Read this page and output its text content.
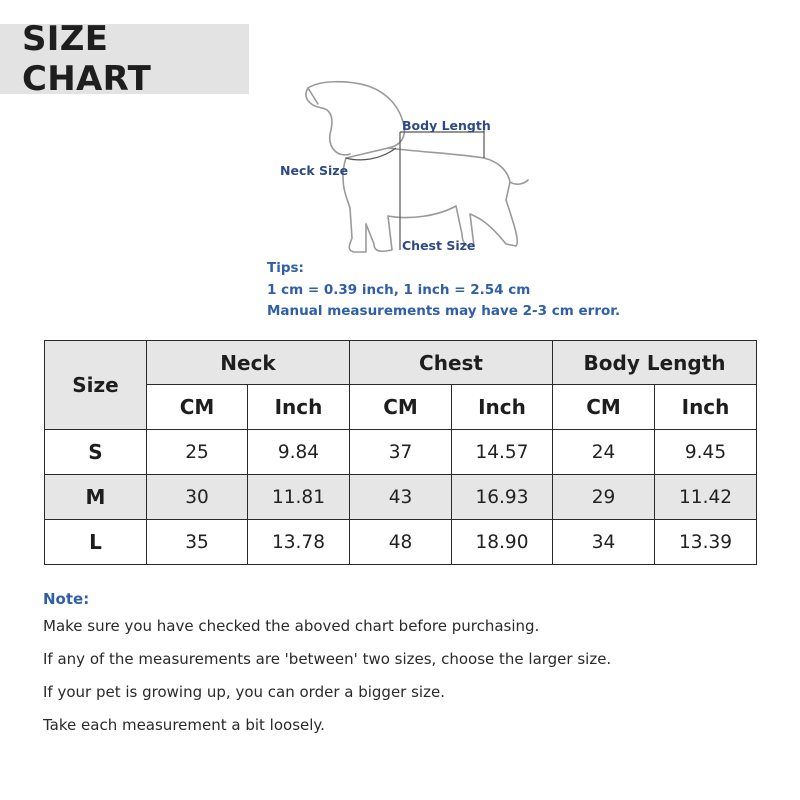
SIZE CHART
Body Length
Neck Size
Chest Size
Tips:
1 cm = 0.39 inch, 1 inch = 2.54 cm
Manual measurements may have 2-3 cm error.
Size	Neck		Chest		Body Length	
	CM	Inch	CM	Inch	CM	Inch
S	25	9.84	37	14.57	24	9.45
M	30	11.81	43	16.93	29	11.42
L	35	13.78	48	18.90	34	13.39
Note:
Make sure you have checked the aboved chart before purchasing.
If any of the measurements are 'between' two sizes, choose the larger size.
If your pet is growing up, you can order a bigger size.
Take each measurement a bit loosely.
